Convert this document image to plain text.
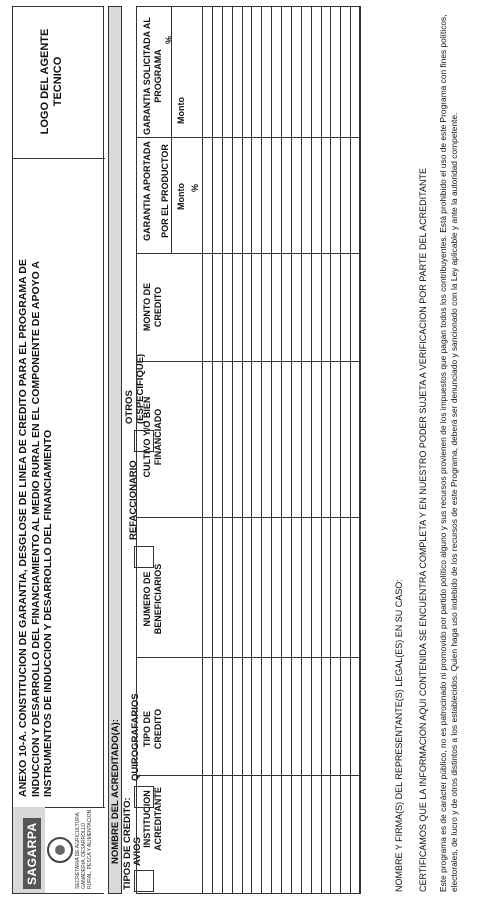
SAGARPA	SECRETARIA DE AGRICULTURA, GANADERIA, DESARROLLO RURAL, PESCA Y ALIMENTACION
ANEXO 10-A. CONSTITUCION DE GARANTIA, DESGLOSE DE LINEA DE CREDITO PARA EL PROGRAMA DE INDUCCION Y DESARROLLO DEL FINANCIAMIENTO AL MEDIO RURAL EN EL COMPONENTE DE APOYO A INSTRUMENTOS DE INDUCCION Y DESARROLLO DEL FINANCIAMIENTO
LOGO DEL AGENTE TECNICO
NOMBRE DEL ACREDITADO(A): TIPOS DE CREDITO: AVIOS
QUIROGRAFARIOS
REFACCIONARIO
OTROS (ESPECIFIQUE)
INSTITUCION ACREDITANTE
TIPO DE CREDITO
NUMERO DE BENEFICIARIOS
CULTIVO Y/O BIEN FINANCIADO
MONTO DE CREDITO
GARANTIA APORTADA POR EL PRODUCTOR Monto %
GARANTIA SOLICITADA AL PROGRAMA
Monto
%
NOMBRE Y FIRMA(S) DEL REPRESENTANTE(S) LEGAL(ES) EN SU CASO: CERTIFICAMOS QUE LA INFORMACION AQUI CONTENIDA SE ENCUENTRA COMPLETA Y EN NUESTRO PODER SUJETA A VERIFICACION POR PARTE DEL ACREDITANTE Este programa es de carácter público, no es patrocinado ni promovido por partido político alguno y sus recursos provienen de los impuestos que pagan todos los contribuyentes. Está prohibido el uso de este Programa con fines políticos, electorales, de lucro y de otros distintos a los establecidos. Quien haga uso indebido de los recursos de este Programa, deberá ser denunciado y sancionado con la Ley aplicable y ante la autoridad competente.
